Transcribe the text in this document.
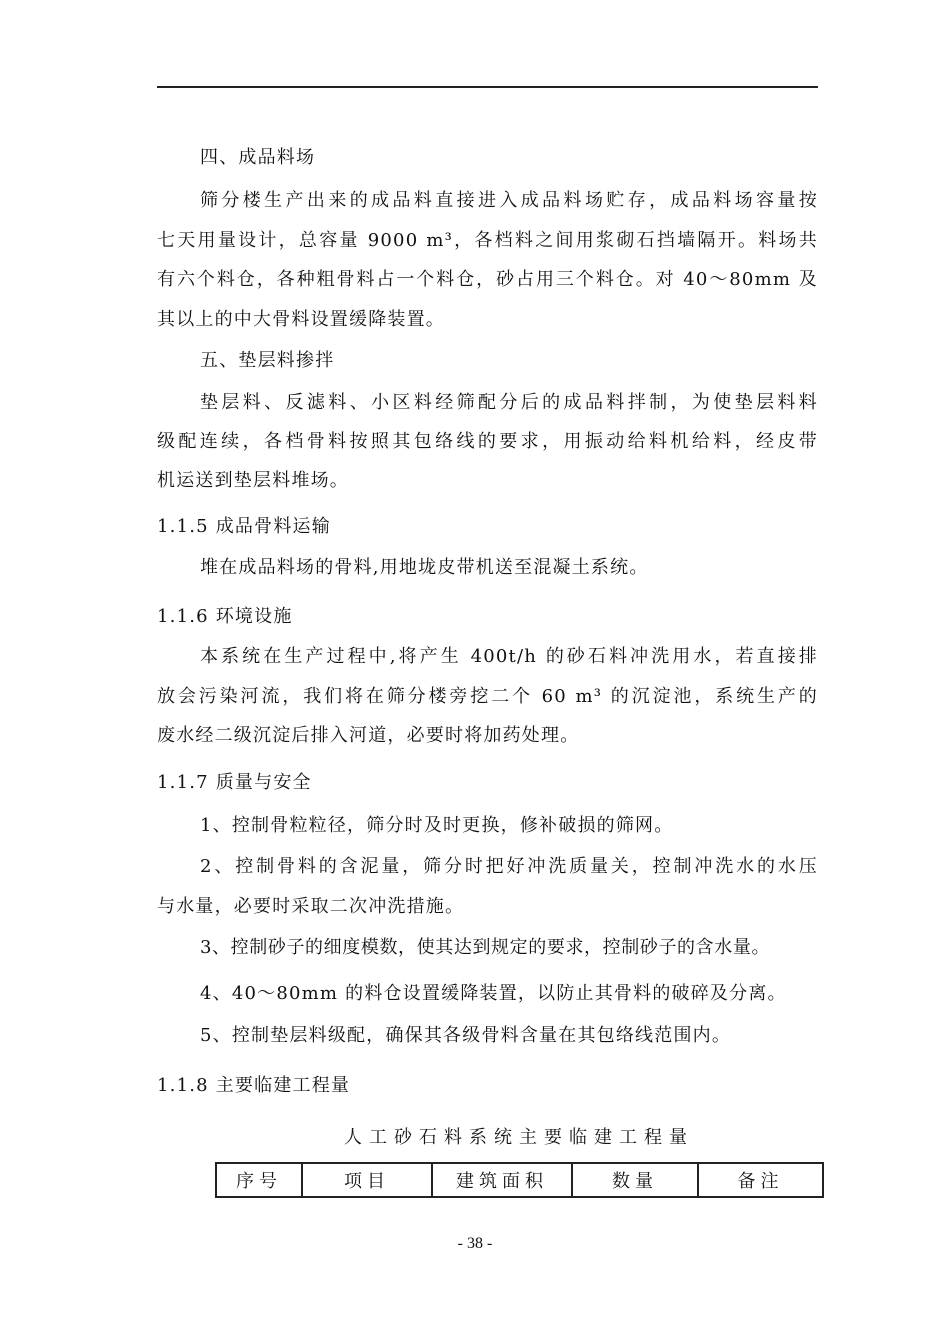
四、成品料场
筛分楼生产出来的成品料直接进入成品料场贮存，成品料场容量按
七天用量设计，总容量 9000 m³，各档料之间用浆砌石挡墙隔开。料场共
有六个料仓，各种粗骨料占一个料仓，砂占用三个料仓。对 40～80mm 及
其以上的中大骨料设置缓降装置。
五、垫层料掺拌
垫层料、反滤料、小区料经筛配分后的成品料拌制，为使垫层料料
级配连续，各档骨料按照其包络线的要求，用振动给料机给料，经皮带
机运送到垫层料堆场。
1.1.5 成品骨料运输
堆在成品料场的骨料,用地垅皮带机送至混凝土系统。
1.1.6 环境设施
本系统在生产过程中,将产生 400t/h 的砂石料冲洗用水，若直接排
放会污染河流，我们将在筛分楼旁挖二个 60 m³ 的沉淀池，系统生产的
废水经二级沉淀后排入河道，必要时将加药处理。
1.1.7 质量与安全
1、控制骨粒粒径，筛分时及时更换，修补破损的筛网。
2、控制骨料的含泥量，筛分时把好冲洗质量关，控制冲洗水的水压
与水量，必要时采取二次冲洗措施。
3、控制砂子的细度模数，使其达到规定的要求，控制砂子的含水量。
4、40～80mm 的料仓设置缓降装置，以防止其骨料的破碎及分离。
5、控制垫层料级配，确保其各级骨料含量在其包络线范围内。
1.1.8 主要临建工程量
人工砂石料系统主要临建工程量
序号	项目	建筑面积	数量	备注
- 38 -
